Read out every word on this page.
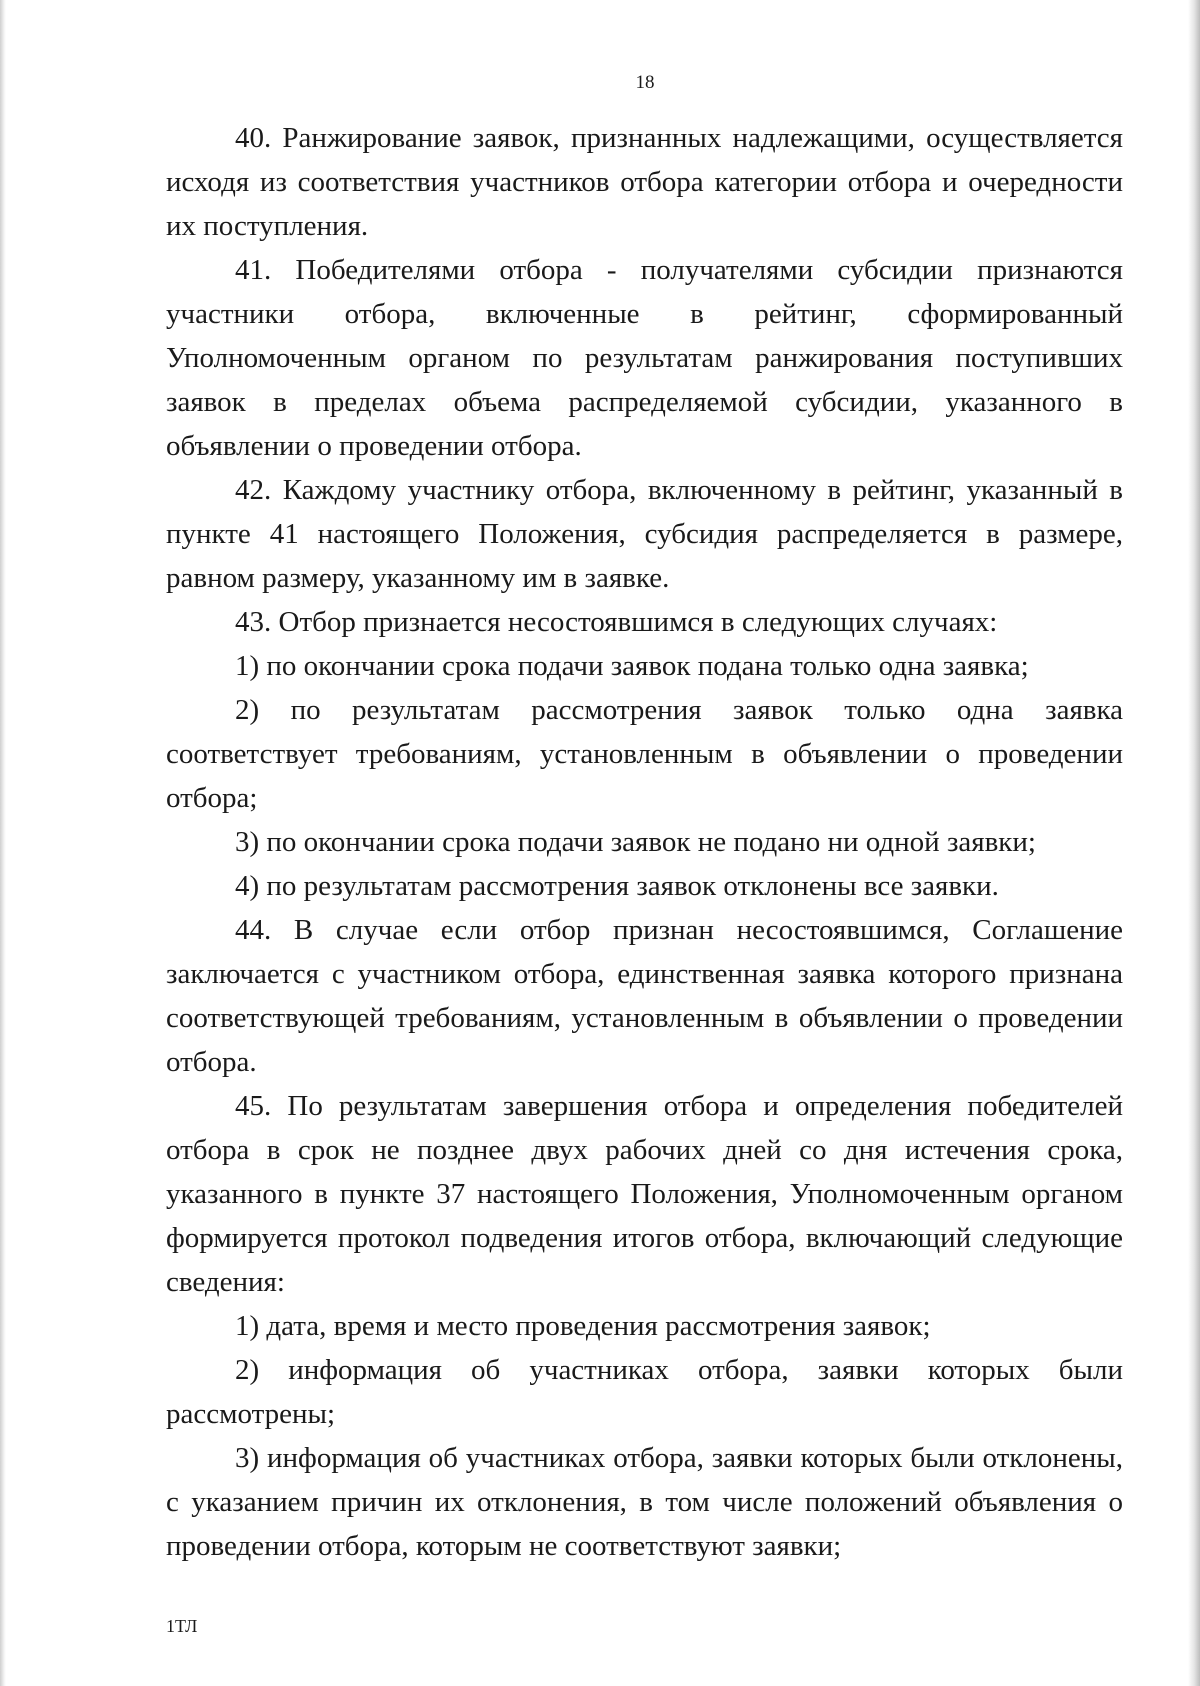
18

40. Ранжирование заявок, признанных надлежащими, осуществляется исходя из соответствия участников отбора категории отбора и очередности их поступления.

41. Победителями отбора - получателями субсидии признаются участники отбора, включенные в рейтинг, сформированный Уполномоченным органом по результатам ранжирования поступивших заявок в пределах объема распределяемой субсидии, указанного в объявлении о проведении отбора.

42. Каждому участнику отбора, включенному в рейтинг, указанный в пункте 41 настоящего Положения, субсидия распределяется в размере, равном размеру, указанному им в заявке.

43. Отбор признается несостоявшимся в следующих случаях:

1) по окончании срока подачи заявок подана только одна заявка;

2) по результатам рассмотрения заявок только одна заявка соответствует требованиям, установленным в объявлении о проведении отбора;

3) по окончании срока подачи заявок не подано ни одной заявки;

4) по результатам рассмотрения заявок отклонены все заявки.

44. В случае если отбор признан несостоявшимся, Соглашение заключается с участником отбора, единственная заявка которого признана соответствующей требованиям, установленным в объявлении о проведении отбора.

45. По результатам завершения отбора и определения победителей отбора в срок не позднее двух рабочих дней со дня истечения срока, указанного в пункте 37 настоящего Положения, Уполномоченным органом формируется протокол подведения итогов отбора, включающий следующие сведения:

1) дата, время и место проведения рассмотрения заявок;

2) информация об участниках отбора, заявки которых были рассмотрены;

3) информация об участниках отбора, заявки которых были отклонены, с указанием причин их отклонения, в том числе положений объявления о проведении отбора, которым не соответствуют заявки;

1ТЛ
